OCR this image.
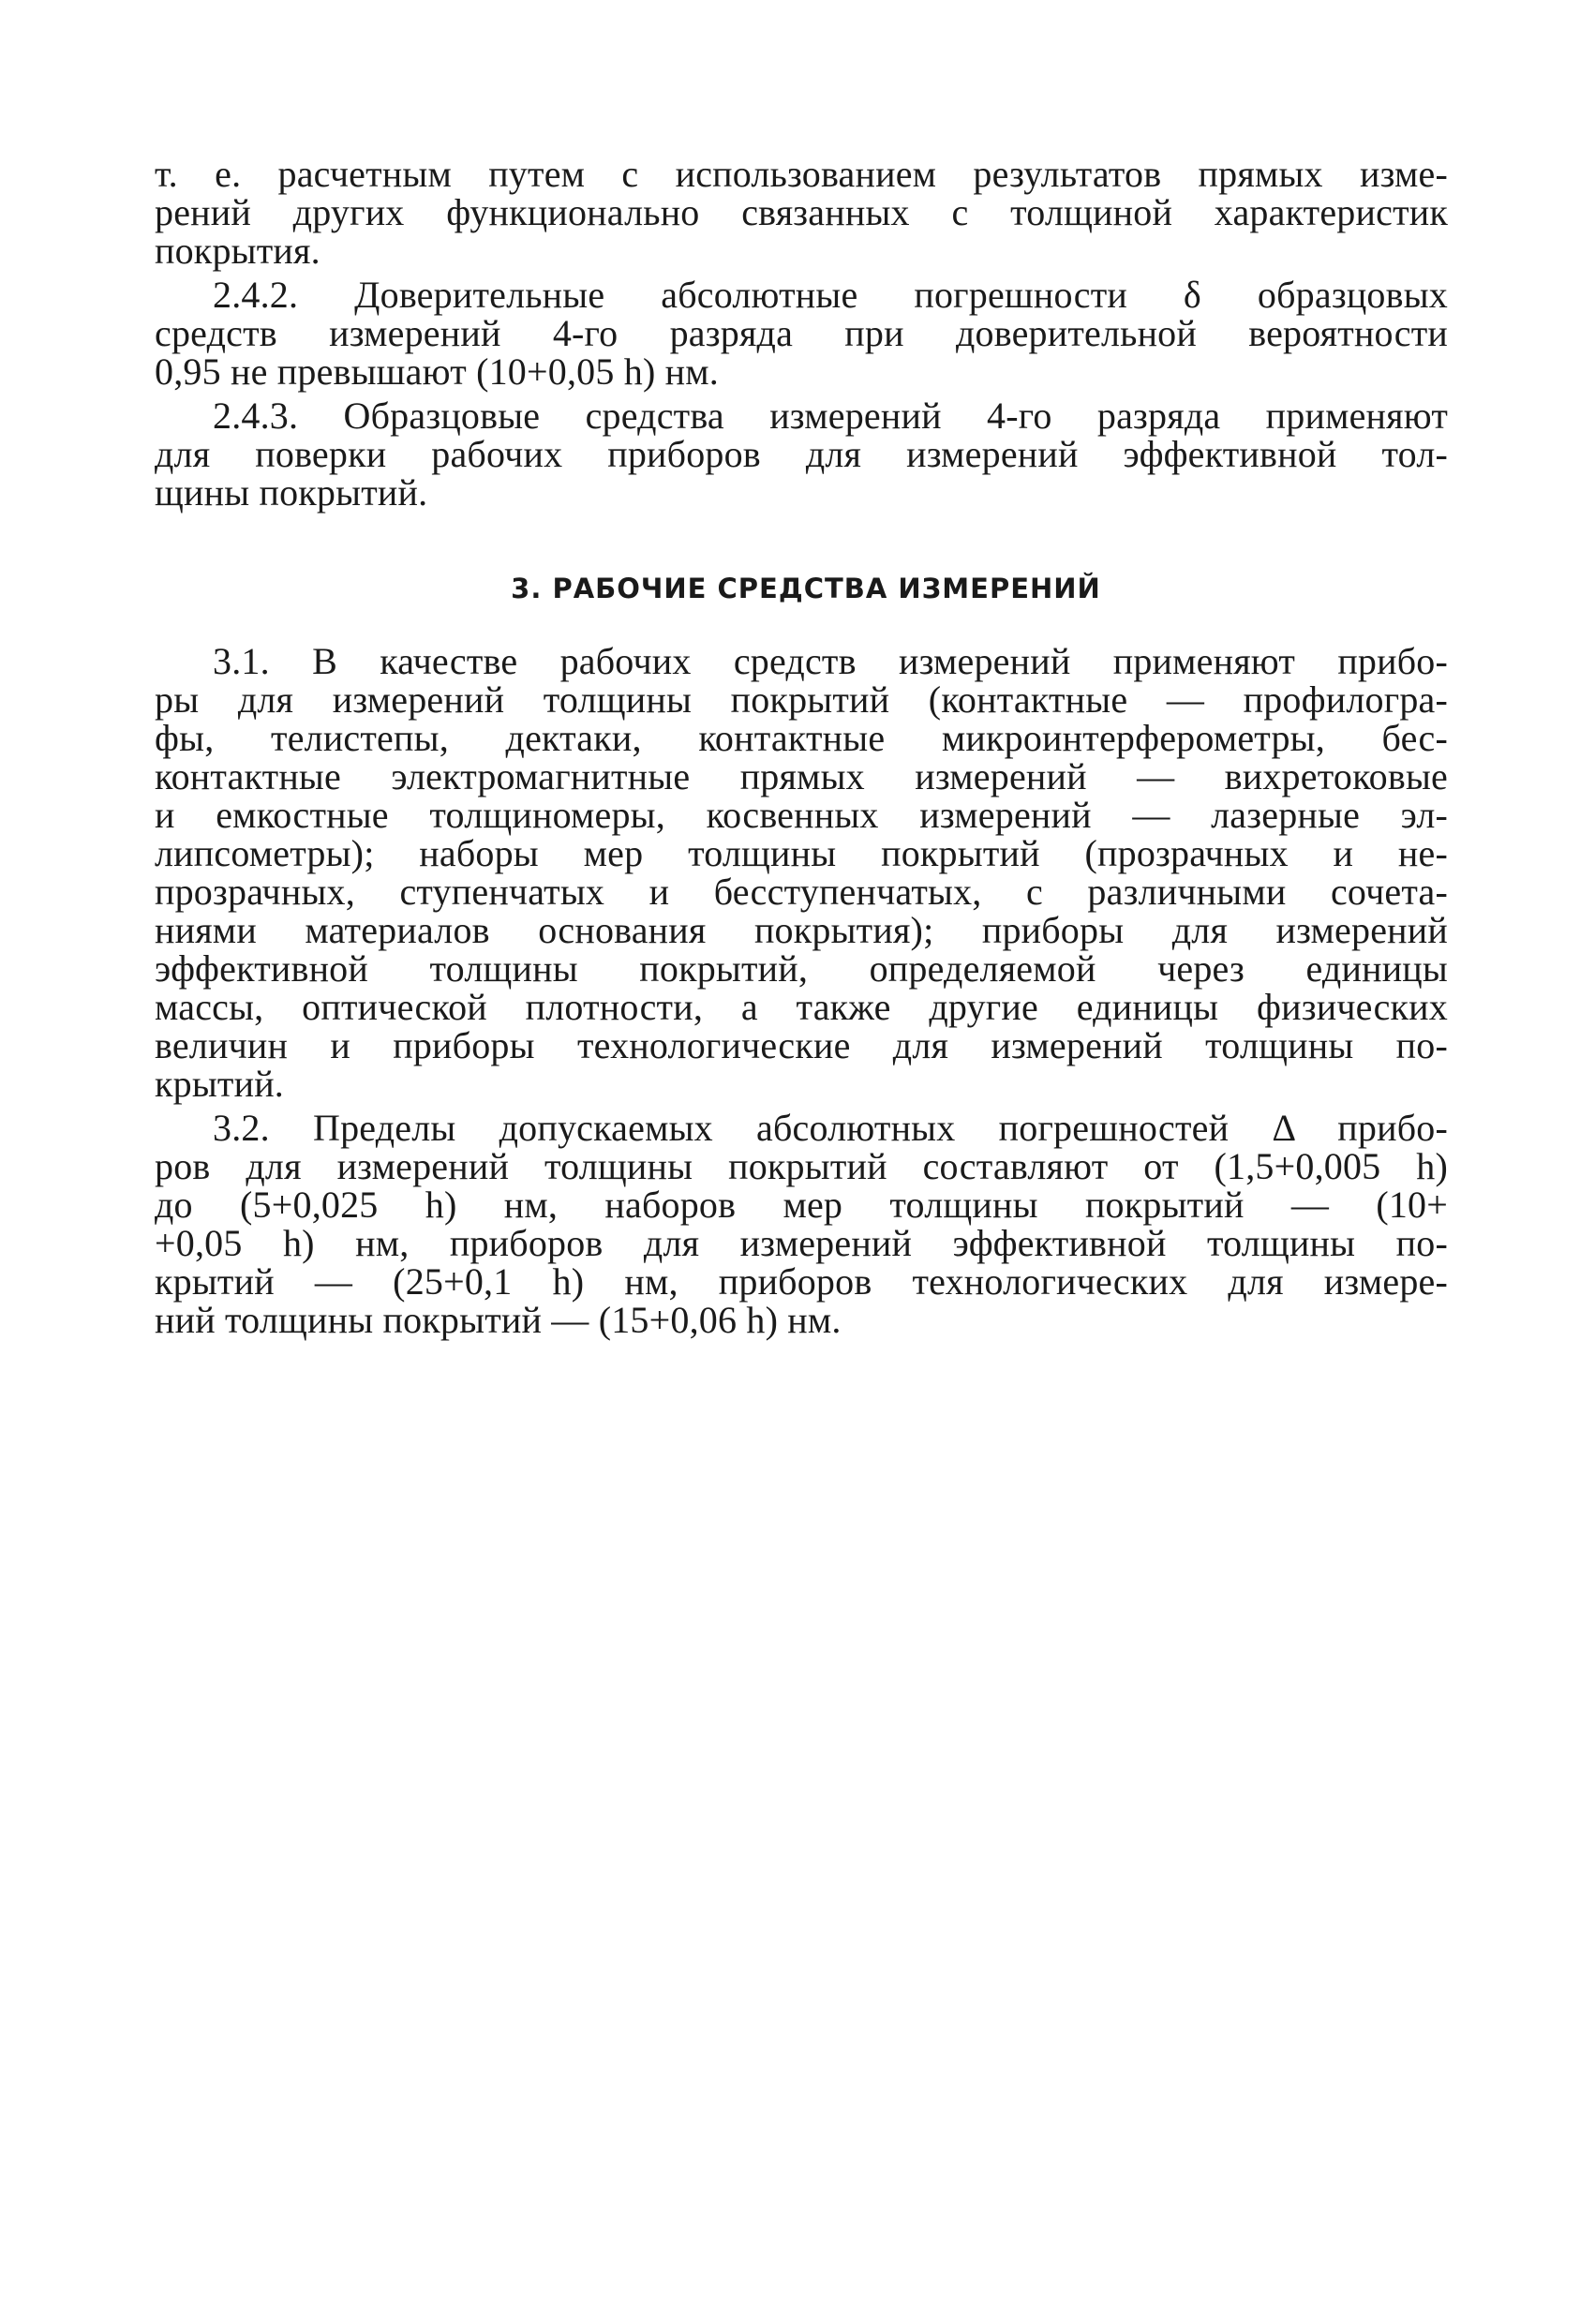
т. е. расчетным путем с использованием результатов прямых изме-
рений других функционально связанных с толщиной характеристик
покрытия.
2.4.2. Доверительные абсолютные погрешности δ образцовых
средств измерений 4-го разряда при доверительной вероятности
0,95 не превышают (10+0,05 h) нм.
2.4.3. Образцовые средства измерений 4-го разряда применяют
для поверки рабочих приборов для измерений эффективной тол-
щины покрытий.
3. РАБОЧИЕ СРЕДСТВА ИЗМЕРЕНИЙ
3.1. В качестве рабочих средств измерений применяют прибо-
ры для измерений толщины покрытий (контактные — профилогра-
фы, телистепы, дектаки, контактные микроинтерферометры, бес-
контактные электромагнитные прямых измерений — вихретоковые
и емкостные толщиномеры, косвенных измерений — лазерные эл-
липсометры); наборы мер толщины покрытий (прозрачных и не-
прозрачных, ступенчатых и бесступенчатых, с различными сочета-
ниями материалов основания покрытия); приборы для измерений
эффективной толщины покрытий, определяемой через единицы
массы, оптической плотности, а также другие единицы физических
величин и приборы технологические для измерений толщины по-
крытий.
3.2. Пределы допускаемых абсолютных погрешностей Δ прибо-
ров для измерений толщины покрытий составляют от (1,5+0,005 h)
до (5+0,025 h) нм, наборов мер толщины покрытий — (10+
+0,05 h) нм, приборов для измерений эффективной толщины по-
крытий — (25+0,1 h) нм, приборов технологических для измере-
ний толщины покрытий — (15+0,06 h) нм.
